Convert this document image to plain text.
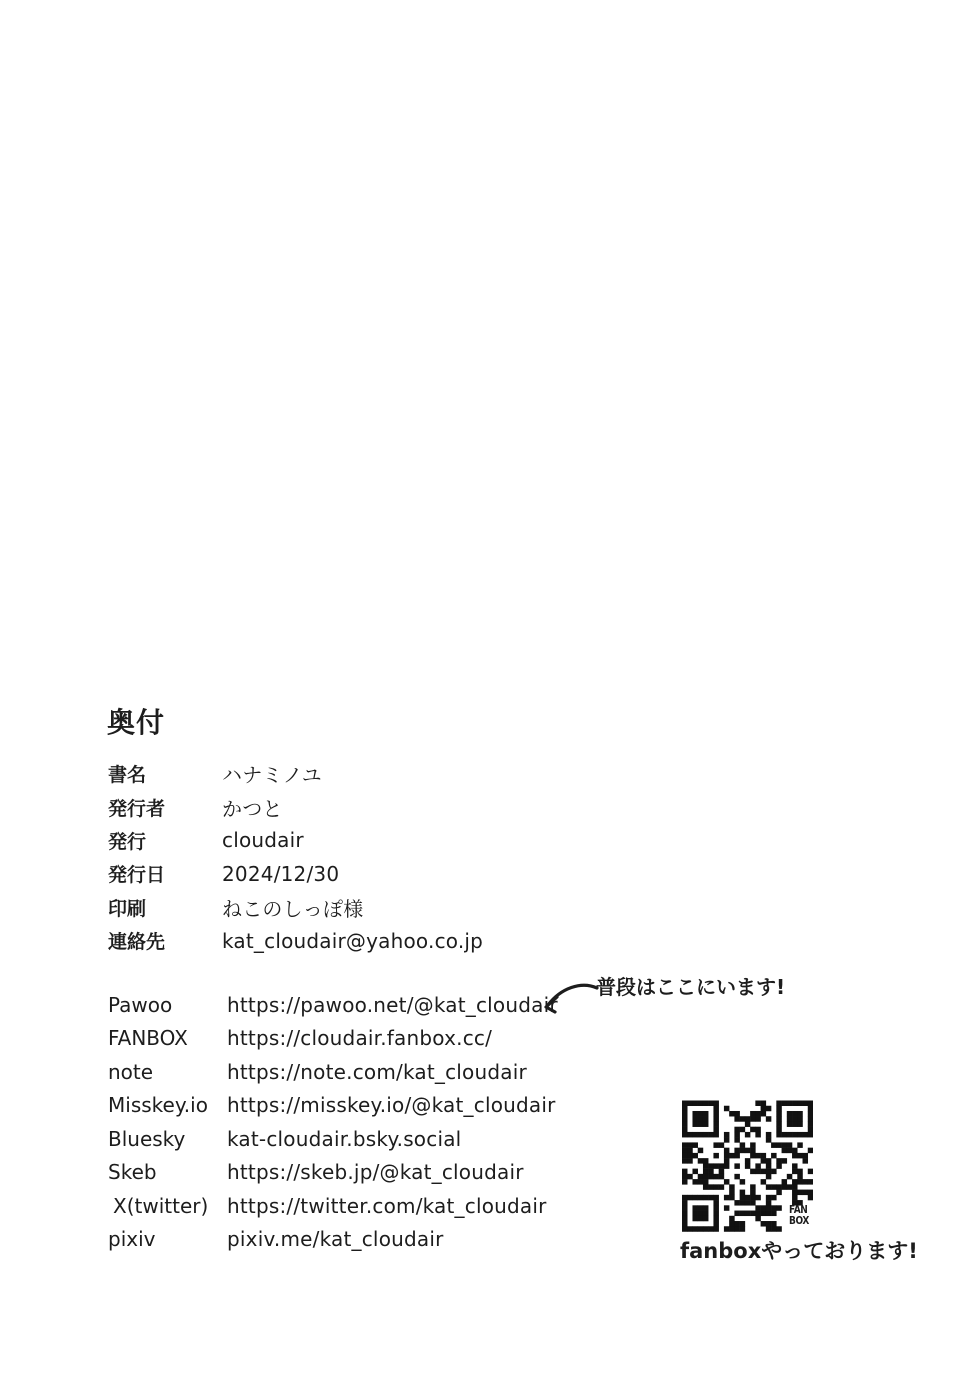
奥付
書名	ハナミノユ
発行者	かつと
発行	cloudair
発行日	2024/12/30
印刷	ねこのしっぽ様
連絡先	kat_cloudair@yahoo.co.jp
Pawoo	https://pawoo.net/@kat_cloudair
FANBOX	https://cloudair.fanbox.cc/
note	https://note.com/kat_cloudair
Misskey.io https://misskey.io/@kat_cloudair
Bluesky	kat-cloudair.bsky.social
Skeb	https://skeb.jp/@kat_cloudair
X(twitter) https://twitter.com/kat_cloudair
pixiv	pixiv.me/kat_cloudair
普段はここにいます!
FAN
BOX
fanboxやっております!
